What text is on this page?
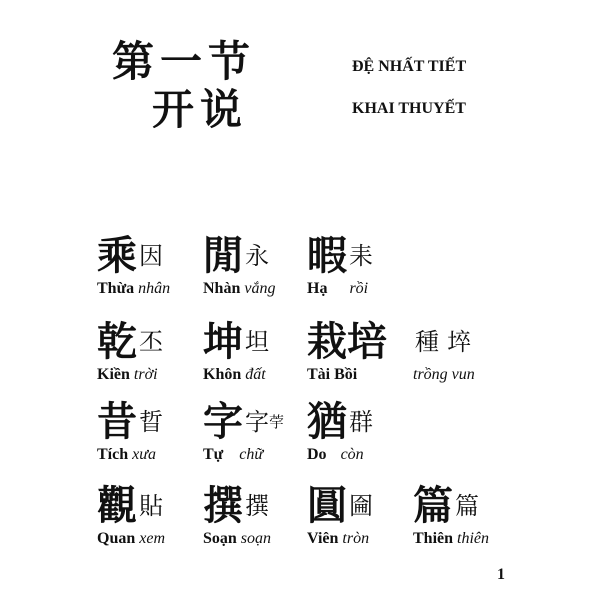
第一节
开说
ĐỆ NHẤT TIẾT
KHAI THUYẾT
乘因
Thừa nhân
閒永
Nhàn vắng
暇耒
Hạ rồi
乾丕
Kiền trời
坤坦
Khôn đất
栽培
Tài Bồi
種 埣
trồng vun
昔晢
Tích xưa
字字荢
Tự chữ
猶群
Do còn
觀貼
Quan xem
撰撰
Soạn soạn
圓圇
Viên tròn
篇篇
Thiên thiên
1
